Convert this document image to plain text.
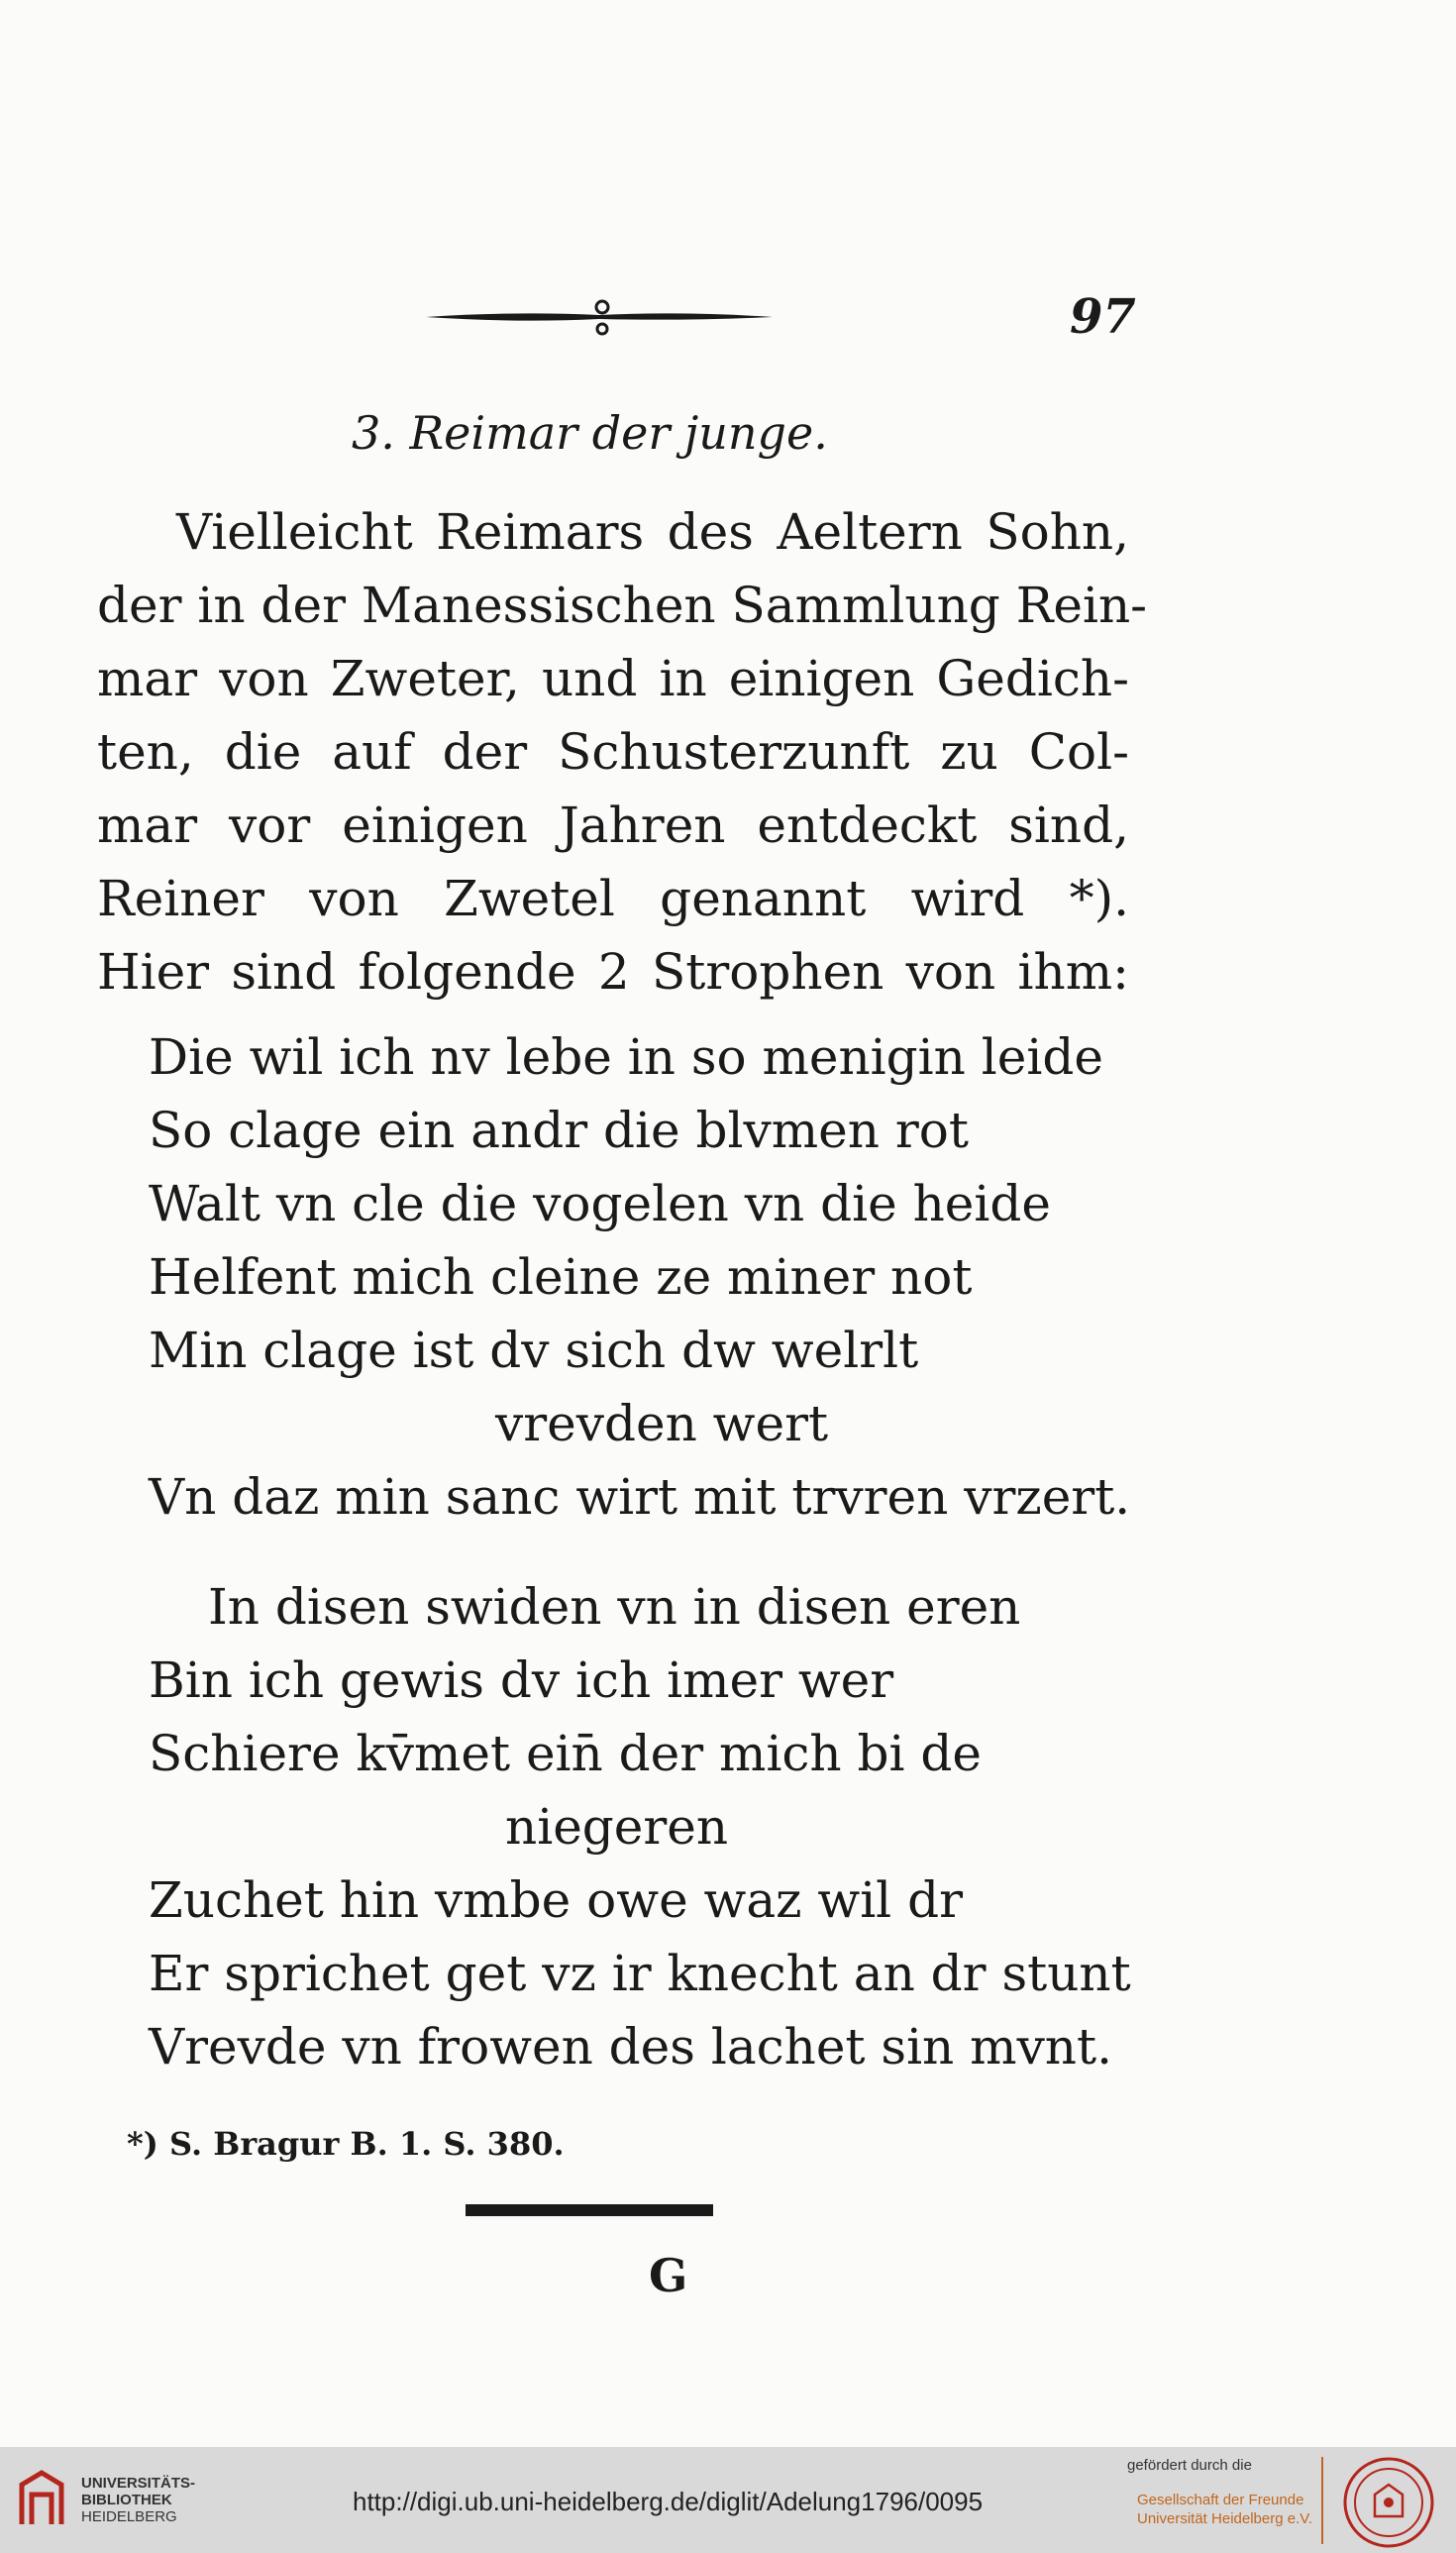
97
3. Reimar der junge.
Vielleicht Reimars des Aeltern Sohn,
der in der Manessischen Sammlung Rein-
mar von Zweter, und in einigen Gedich-
ten, die auf der Schusterzunft zu Col-
mar vor einigen Jahren entdeckt sind,
Reiner von Zwetel genannt wird *).
Hier sind folgende 2 Strophen von ihm:
Die wil ich nv lebe in so menigin leide
So clage ein andr die blvmen rot
Walt vn cle die vogelen vn die heide
Helfent mich cleine ze miner not
Min clage ist dv sich dw welrlt
vrevden wert
Vn daz min sanc wirt mit trvren vrzert.
In disen swiden vn in disen eren
Bin ich gewis dv ich imer wer
Schiere kv̄met ein̄ der mich bi de
niegeren
Zuchet hin vmbe owe waz wil dr
Er sprichet get vz ir knecht an dr stunt
Vrevde vn frowen des lachet sin mvnt.
*) S. Bragur B. 1. S. 380.
G
UNIVERSITÄTS-
BIBLIOTHEK
HEIDELBERG
http://digi.ub.uni-heidelberg.de/diglit/Adelung1796/0095
gefördert durch die
Gesellschaft der Freunde
Universität Heidelberg e.V.
